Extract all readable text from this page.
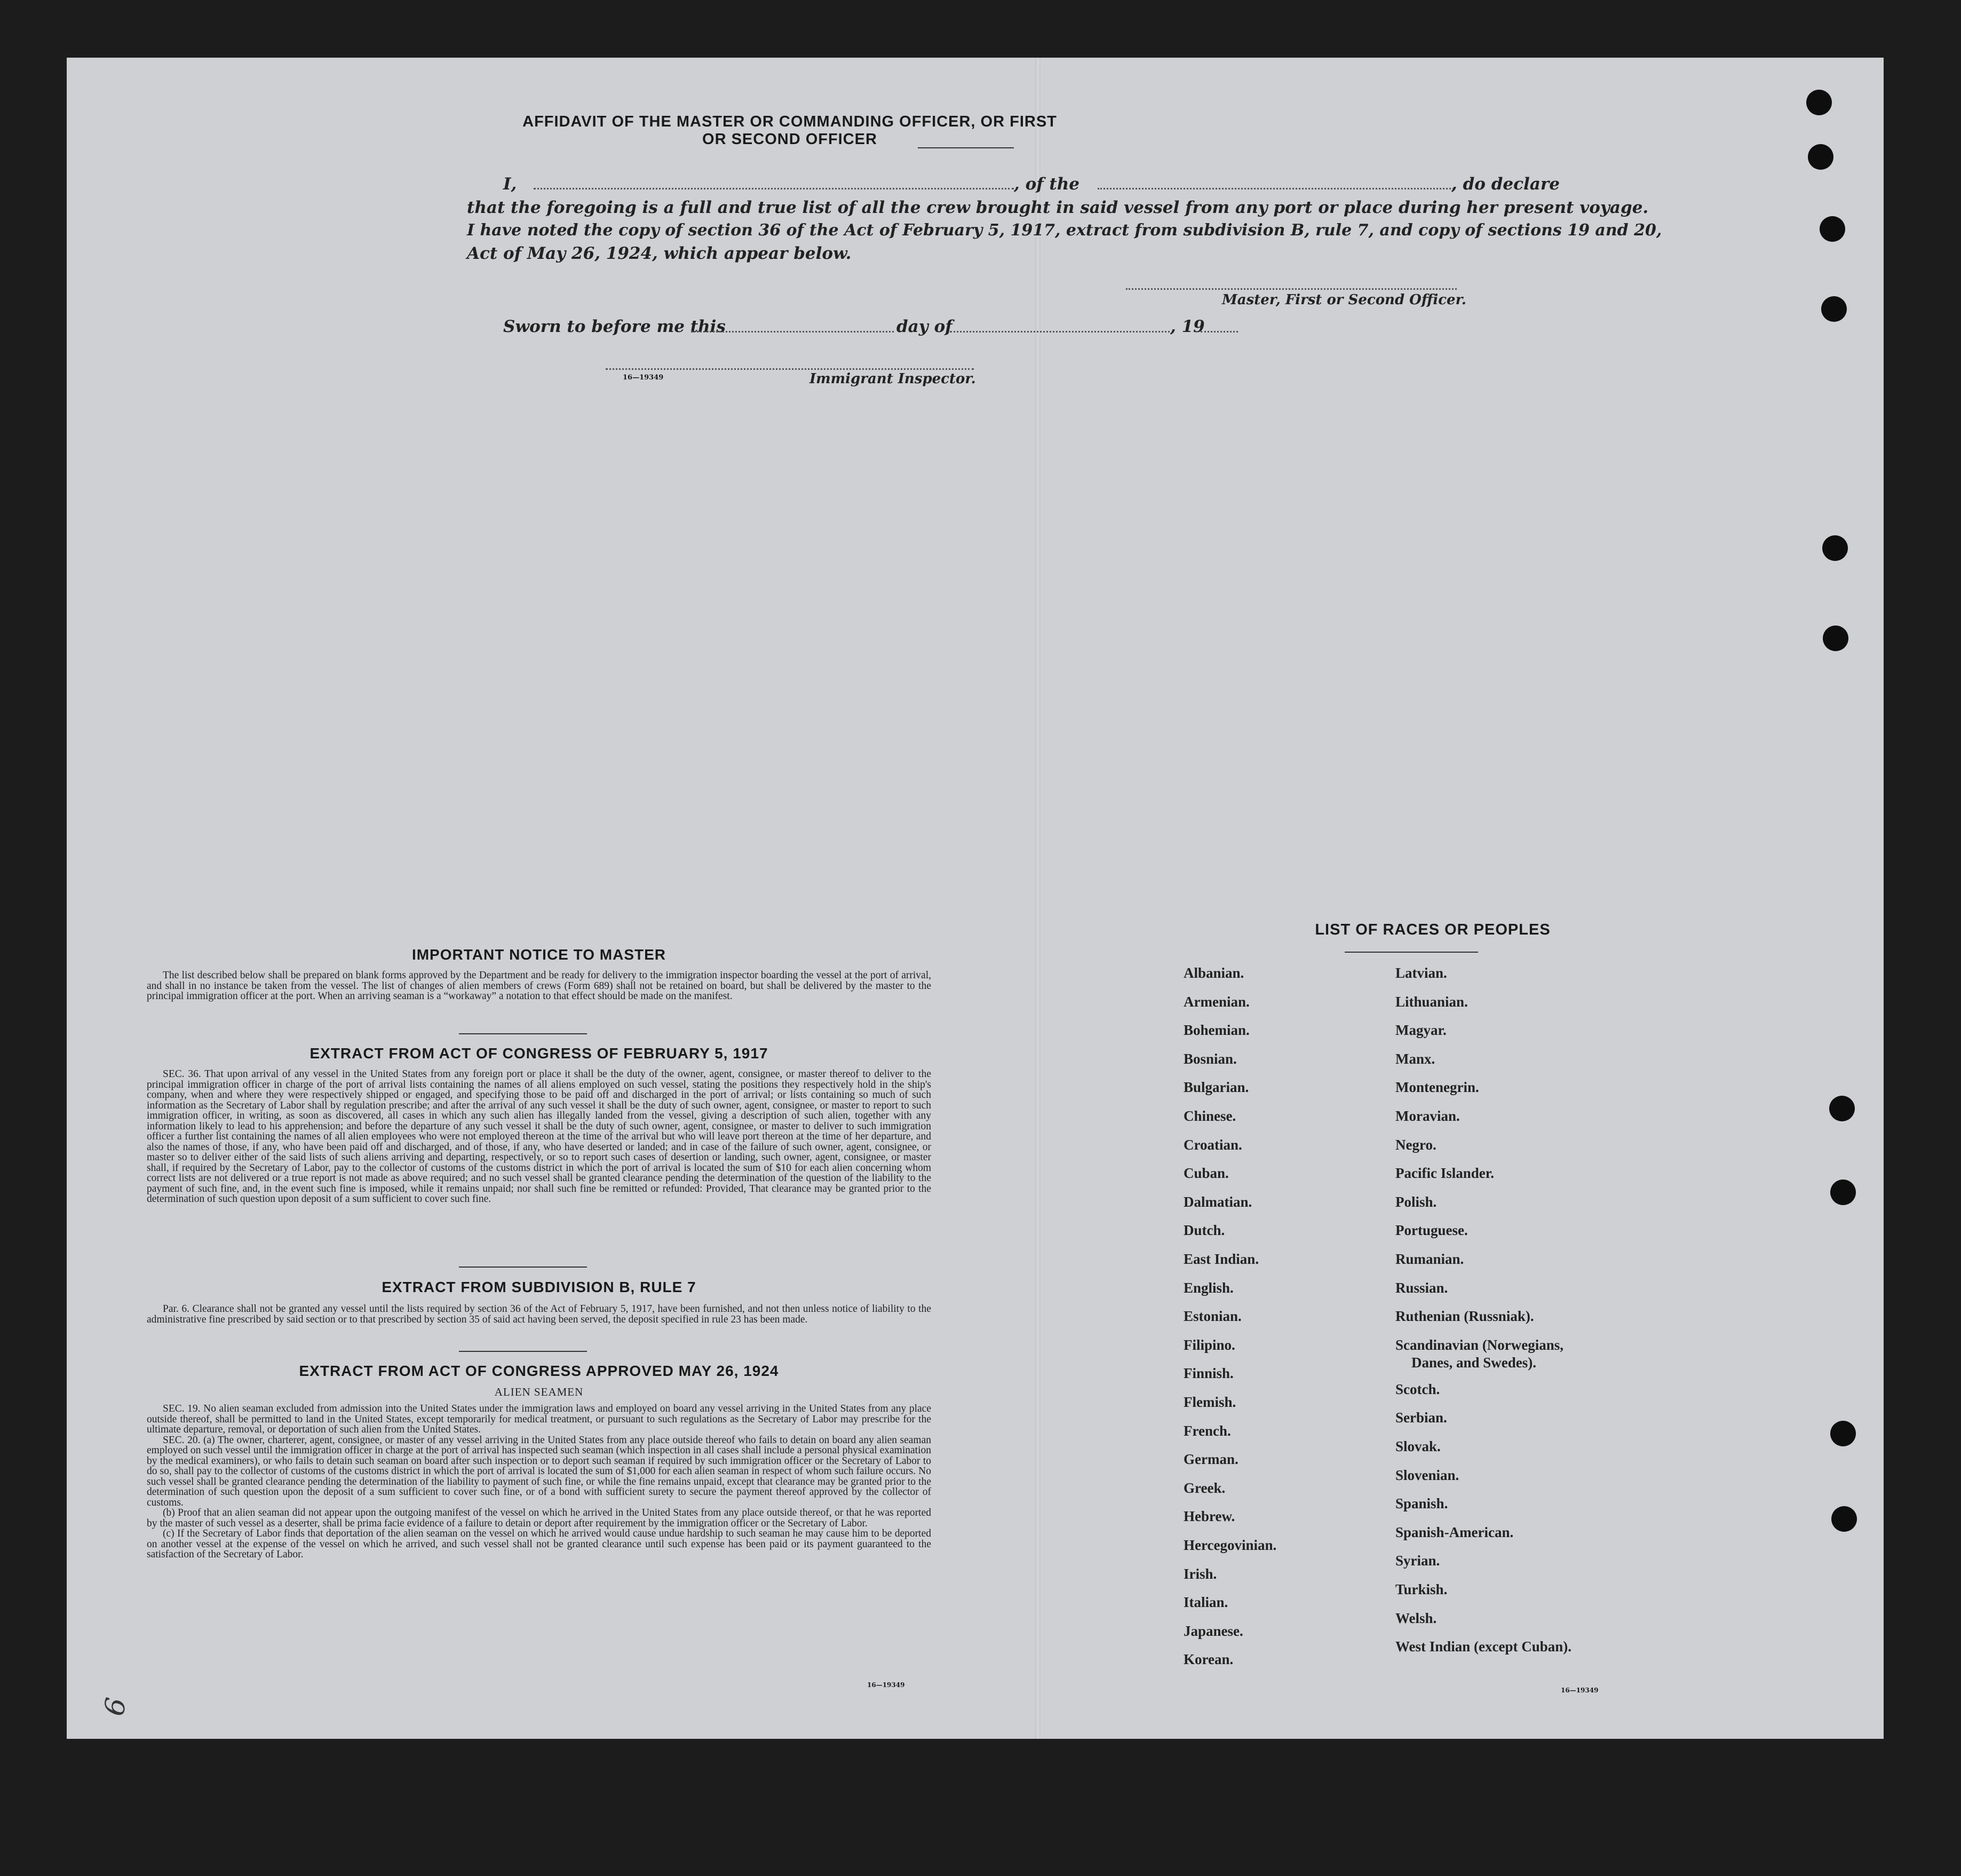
AFFIDAVIT OF THE MASTER OR COMMANDING OFFICER, OR FIRST OR SECOND OFFICER
I,	, of the	, do declare
that the foregoing is a full and true list of all the crew brought in said vessel from any port or place during her present voyage.
I have noted the copy of section 36 of the Act of February 5, 1917, extract from subdivision B, rule 7, and copy of sections 19 and 20,
Act of May 26, 1924, which appear below.
Master, First or Second Officer.
Sworn to before me this	day of	, 19
16—19349	Immigrant Inspector.
IMPORTANT NOTICE TO MASTER

The list described below shall be prepared on blank forms approved by the Department and be ready for delivery to the immigration inspector boarding the vessel at the port of arrival, and shall in no instance be taken from the vessel. The list of changes of alien members of crews (Form 689) shall not be retained on board, but shall be delivered by the master to the principal immigration officer at the port. When an arriving seaman is a “workaway” a notation to that effect should be made on the manifest.

EXTRACT FROM ACT OF CONGRESS OF FEBRUARY 5, 1917

SEC. 36. That upon arrival of any vessel in the United States from any foreign port or place it shall be the duty of the owner, agent, consignee, or master thereof to deliver to the principal immigration officer in charge of the port of arrival lists containing the names of all aliens employed on such vessel, stating the positions they respectively hold in the ship's company, when and where they were respectively shipped or engaged, and specifying those to be paid off and discharged in the port of arrival; or lists containing so much of such information as the Secretary of Labor shall by regulation prescribe; and after the arrival of any such vessel it shall be the duty of such owner, agent, consignee, or master to report to such immigration officer, in writing, as soon as discovered, all cases in which any such alien has illegally landed from the vessel, giving a description of such alien, together with any information likely to lead to his apprehension; and before the departure of any such vessel it shall be the duty of such owner, agent, consignee, or master to deliver to such immigration officer a further list containing the names of all alien employees who were not employed thereon at the time of the arrival but who will leave port thereon at the time of her departure, and also the names of those, if any, who have been paid off and discharged, and of those, if any, who have deserted or landed; and in case of the failure of such owner, agent, consignee, or master so to deliver either of the said lists of such aliens arriving and departing, respectively, or so to report such cases of desertion or landing, such owner, agent, consignee, or master shall, if required by the Secretary of Labor, pay to the collector of customs of the customs district in which the port of arrival is located the sum of $10 for each alien concerning whom correct lists are not delivered or a true report is not made as above required; and no such vessel shall be granted clearance pending the determination of the question of the liability to the payment of such fine, and, in the event such fine is imposed, while it remains unpaid; nor shall such fine be remitted or refunded: Provided, That clearance may be granted prior to the determination of such question upon deposit of a sum sufficient to cover such fine.

EXTRACT FROM SUBDIVISION B, RULE 7

Par. 6. Clearance shall not be granted any vessel until the lists required by section 36 of the Act of February 5, 1917, have been furnished, and not then unless notice of liability to the administrative fine prescribed by said section or to that prescribed by section 35 of said act having been served, the deposit specified in rule 23 has been made.

EXTRACT FROM ACT OF CONGRESS APPROVED MAY 26, 1924
ALIEN SEAMEN

SEC. 19. No alien seaman excluded from admission into the United States under the immigration laws and employed on board any vessel arriving in the United States from any place outside thereof, shall be permitted to land in the United States, except temporarily for medical treatment, or pursuant to such regulations as the Secretary of Labor may prescribe for the ultimate departure, removal, or deportation of such alien from the United States.

SEC. 20. (a) The owner, charterer, agent, consignee, or master of any vessel arriving in the United States from any place outside thereof who fails to detain on board any alien seaman employed on such vessel until the immigration officer in charge at the port of arrival has inspected such seaman (which inspection in all cases shall include a personal physical examination by the medical examiners), or who fails to detain such seaman on board after such inspection or to deport such seaman if required by such immigration officer or the Secretary of Labor to do so, shall pay to the collector of customs of the customs district in which the port of arrival is located the sum of $1,000 for each alien seaman in respect of whom such failure occurs. No such vessel shall be granted clearance pending the determination of the liability to payment of such fine, or while the fine remains unpaid, except that clearance may be granted prior to the determination of such question upon the deposit of a sum sufficient to cover such fine, or of a bond with sufficient surety to secure the payment thereof approved by the collector of customs.

(b) Proof that an alien seaman did not appear upon the outgoing manifest of the vessel on which he arrived in the United States from any place outside thereof, or that he was reported by the master of such vessel as a deserter, shall be prima facie evidence of a failure to detain or deport after requirement by the immigration officer or the Secretary of Labor.

(c) If the Secretary of Labor finds that deportation of the alien seaman on the vessel on which he arrived would cause undue hardship to such seaman he may cause him to be deported on another vessel at the expense of the vessel on which he arrived, and such vessel shall not be granted clearance until such expense has been paid or its payment guaranteed to the satisfaction of the Secretary of Labor.

16—19349
LIST OF RACES OR PEOPLES
Albanian.
Armenian.
Bohemian.
Bosnian.
Bulgarian.
Chinese.
Croatian.
Cuban.
Dalmatian.
Dutch.
East Indian.
English.
Estonian.
Filipino.
Finnish.
Flemish.
French.
German.
Greek.
Hebrew.
Hercegovinian.
Irish.
Italian.
Japanese.
Korean.
Latvian.
Lithuanian.
Magyar.
Manx.
Montenegrin.
Moravian.
Negro.
Pacific Islander.
Polish.
Portuguese.
Rumanian.
Russian.
Ruthenian (Russniak).
Scandinavian (Norwegians,
Danes, and Swedes).
Scotch.
Serbian.
Slovak.
Slovenian.
Spanish.
Spanish-American.
Syrian.
Turkish.
Welsh.
West Indian (except Cuban).
16—19349
6
